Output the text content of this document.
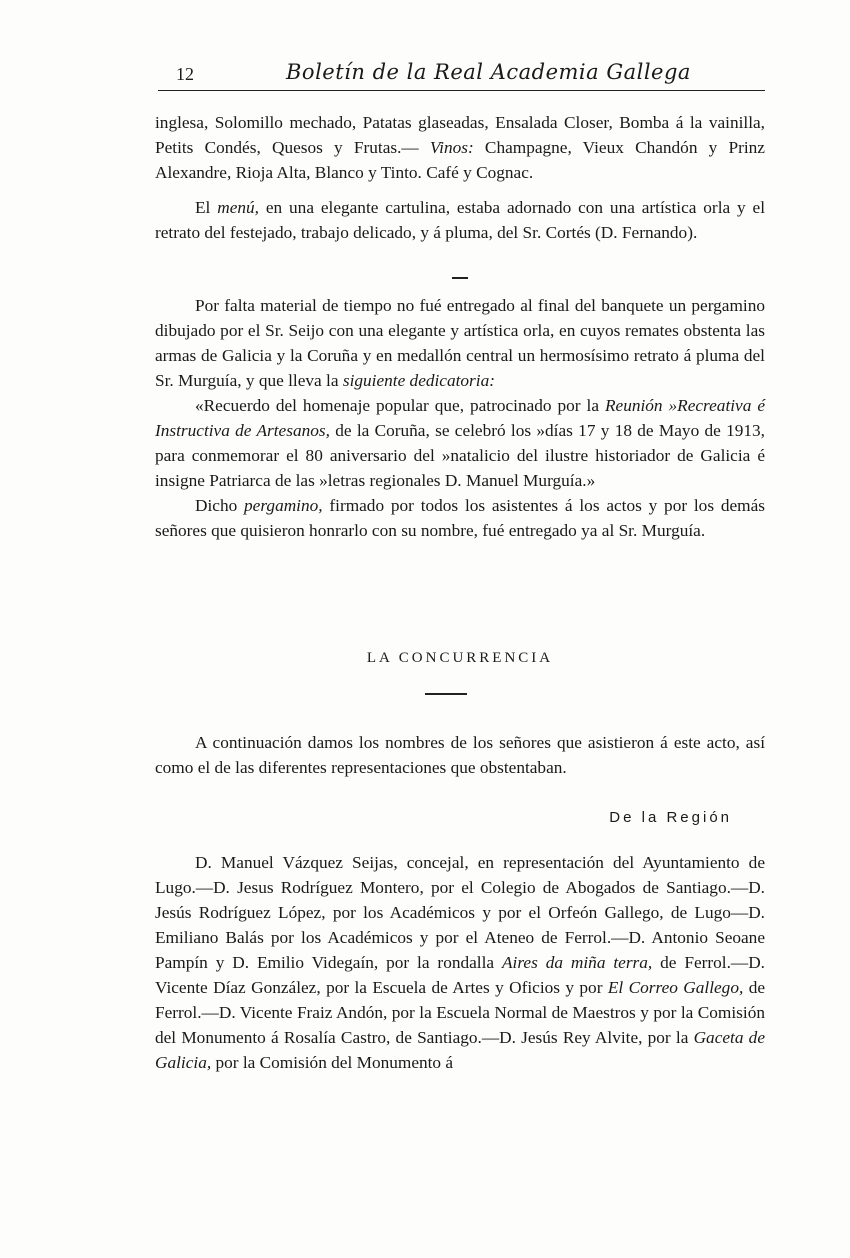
12	Boletín de la Real Academia Gallega

inglesa, Solomillo mechado, Patatas glaseadas, Ensalada Closer, Bomba á la vainilla, Petits Condés, Quesos y Frutas.— Vinos: Champagne, Vieux Chandón y Prinz Alexandre, Rioja Alta, Blanco y Tinto. Café y Cognac.

El menú, en una elegante cartulina, estaba adornado con una artística orla y el retrato del festejado, trabajo delicado, y á pluma, del Sr. Cortés (D. Fernando).

Por falta material de tiempo no fué entregado al final del banquete un pergamino dibujado por el Sr. Seijo con una elegante y artística orla, en cuyos remates obstenta las armas de Galicia y la Coruña y en medallón central un hermosísimo retrato á pluma del Sr. Murguía, y que lleva la siguiente dedicatoria:

«Recuerdo del homenaje popular que, patrocinado por la Reunión »Recreativa é Instructiva de Artesanos, de la Coruña, se celebró los »días 17 y 18 de Mayo de 1913, para conmemorar el 80 aniversario del »natalicio del ilustre historiador de Galicia é insigne Patriarca de las »letras regionales D. Manuel Murguía.»

Dicho pergamino, firmado por todos los asistentes á los actos y por los demás señores que quisieron honrarlo con su nombre, fué entregado ya al Sr. Murguía.

LA CONCURRENCIA

A continuación damos los nombres de los señores que asistieron á este acto, así como el de las diferentes representaciones que obstentaban.

De la Región

D. Manuel Vázquez Seijas, concejal, en representación del Ayuntamiento de Lugo.—D. Jesus Rodríguez Montero, por el Colegio de Abogados de Santiago.—D. Jesús Rodríguez López, por los Académicos y por el Orfeón Gallego, de Lugo—D. Emiliano Balás por los Académicos y por el Ateneo de Ferrol.—D. Antonio Seoane Pampín y D. Emilio Videgaín, por la rondalla Aires da miña terra, de Ferrol.—D. Vicente Díaz González, por la Escuela de Artes y Oficios y por El Correo Gallego, de Ferrol.—D. Vicente Fraiz Andón, por la Escuela Normal de Maestros y por la Comisión del Monumento á Rosalía Castro, de Santiago.—D. Jesús Rey Alvite, por la Gaceta de Galicia, por la Comisión del Monumento á
